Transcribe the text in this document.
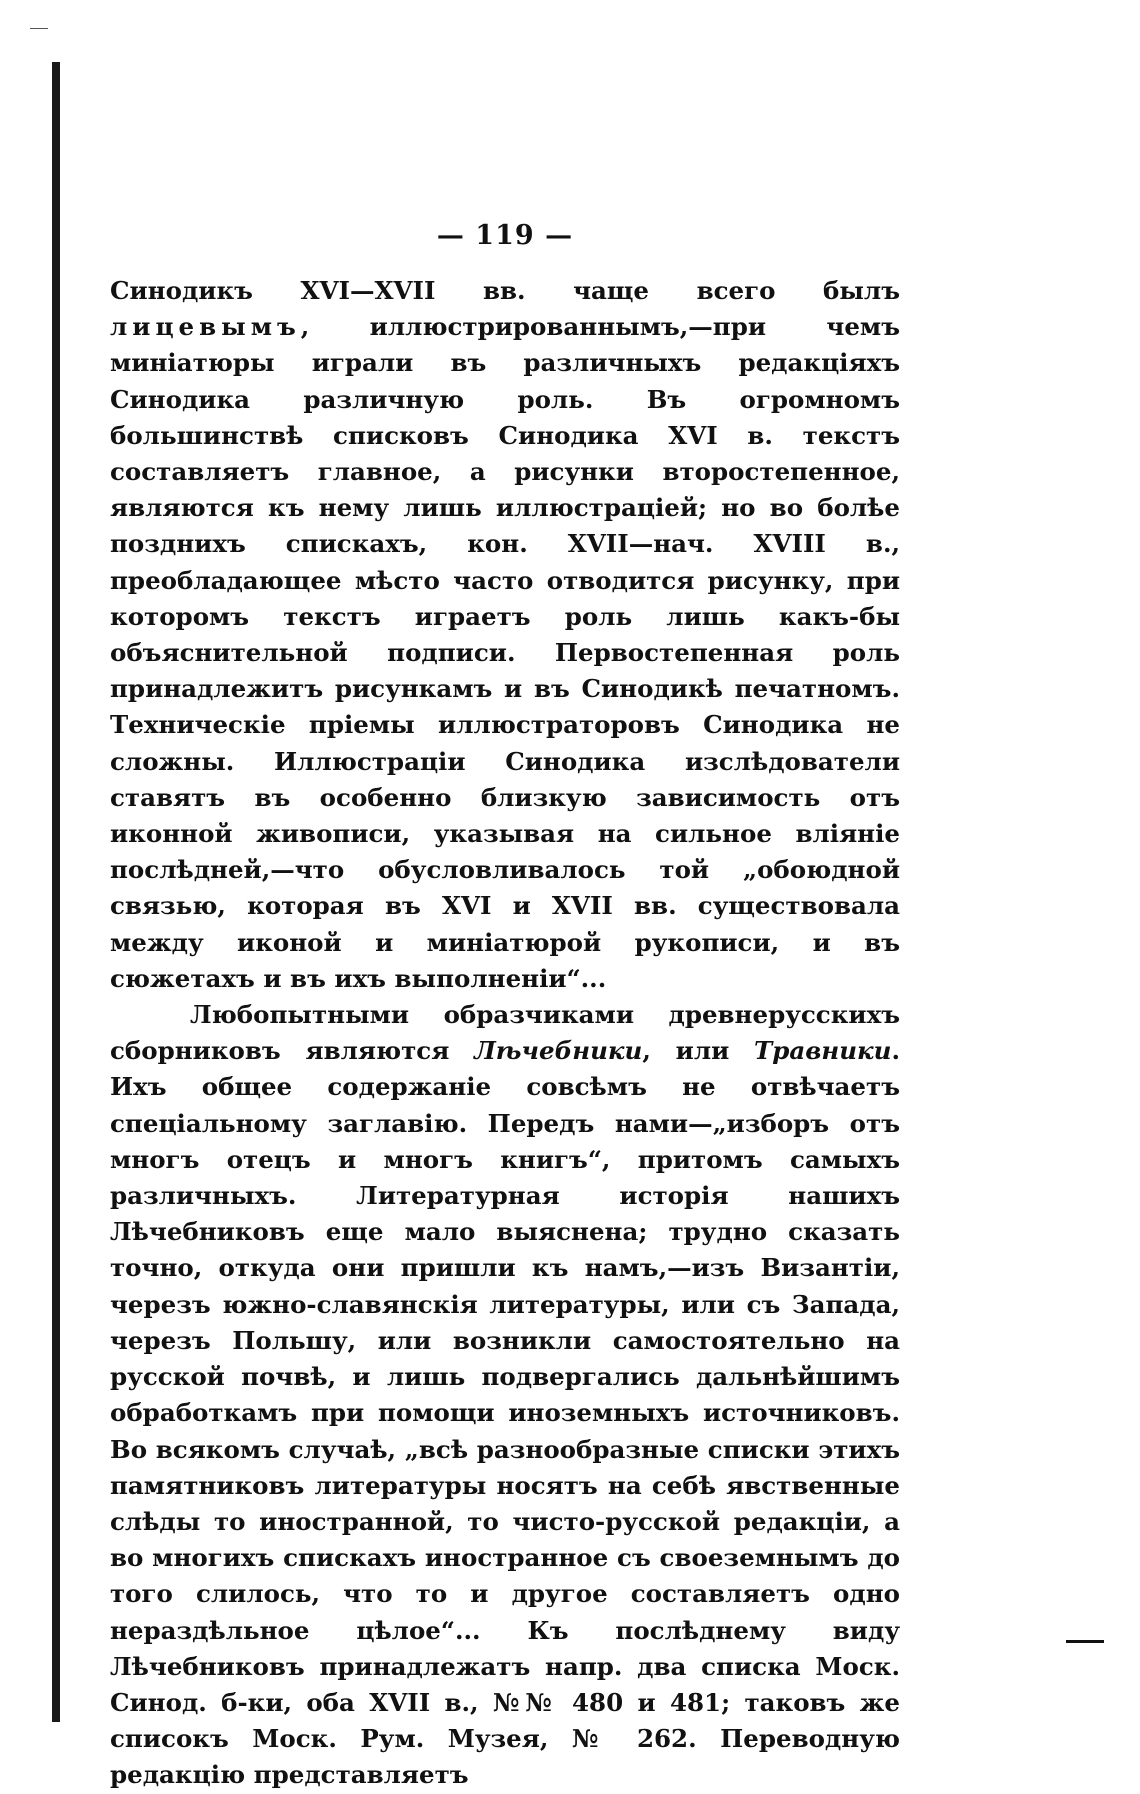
— 119 —

Синодикъ XVI—XVII вв. чаще всего былъ лицевымъ, иллюстрированнымъ,—при чемъ миніатюры играли въ различныхъ редакціяхъ Синодика различную роль. Въ огромномъ большинствѣ списковъ Синодика XVI в. текстъ составляетъ главное, а рисунки второстепенное, являются къ нему лишь иллюстраціей; но во болѣе позднихъ спискахъ, кон. XVII—нач. XVIII в., преобладающее мѣсто часто отводится рисунку, при которомъ текстъ играетъ роль лишь какъ-бы объяснительной подписи. Первостепенная роль принадлежитъ рисункамъ и въ Синодикѣ печатномъ. Техническіе пріемы иллюстраторовъ Синодика не сложны. Иллюстраціи Синодика изслѣдователи ставятъ въ особенно близкую зависимость отъ иконной живописи, указывая на сильное вліяніе послѣдней,—что обусловливалось той „обоюдной связью, которая въ XVI и XVII вв. существовала между иконой и миніатюрой рукописи, и въ сюжетахъ и въ ихъ выполненіи“...

Любопытными образчиками древнерусскихъ сборниковъ являются Лѣчебники, или Травники. Ихъ общее содержаніе совсѣмъ не отвѣчаетъ спеціальному заглавію. Передъ нами—„изборъ отъ многъ отецъ и многъ книгъ“, притомъ самыхъ различныхъ. Литературная исторія нашихъ Лѣчебниковъ еще мало выяснена; трудно сказать точно, откуда они пришли къ намъ,—изъ Византіи, черезъ южно-славянскія литературы, или съ Запада, черезъ Польшу, или возникли самостоятельно на русской почвѣ, и лишь подвергались дальнѣйшимъ обработкамъ при помощи иноземныхъ источниковъ. Во всякомъ случаѣ, „всѣ разнообразные списки этихъ памятниковъ литературы носятъ на себѣ явственные слѣды то иностранной, то чисто-русской редакціи, а во многихъ спискахъ иностранное съ своеземнымъ до того слилось, что то и другое составляетъ одно нераздѣльное цѣлое“... Къ послѣднему виду Лѣчебниковъ принадлежатъ напр. два списка Моск. Синод. б-ки, оба XVII в., №№ 480 и 481; таковъ же списокъ Моск. Рум. Музея, № 262. Переводную редакцію представляетъ
